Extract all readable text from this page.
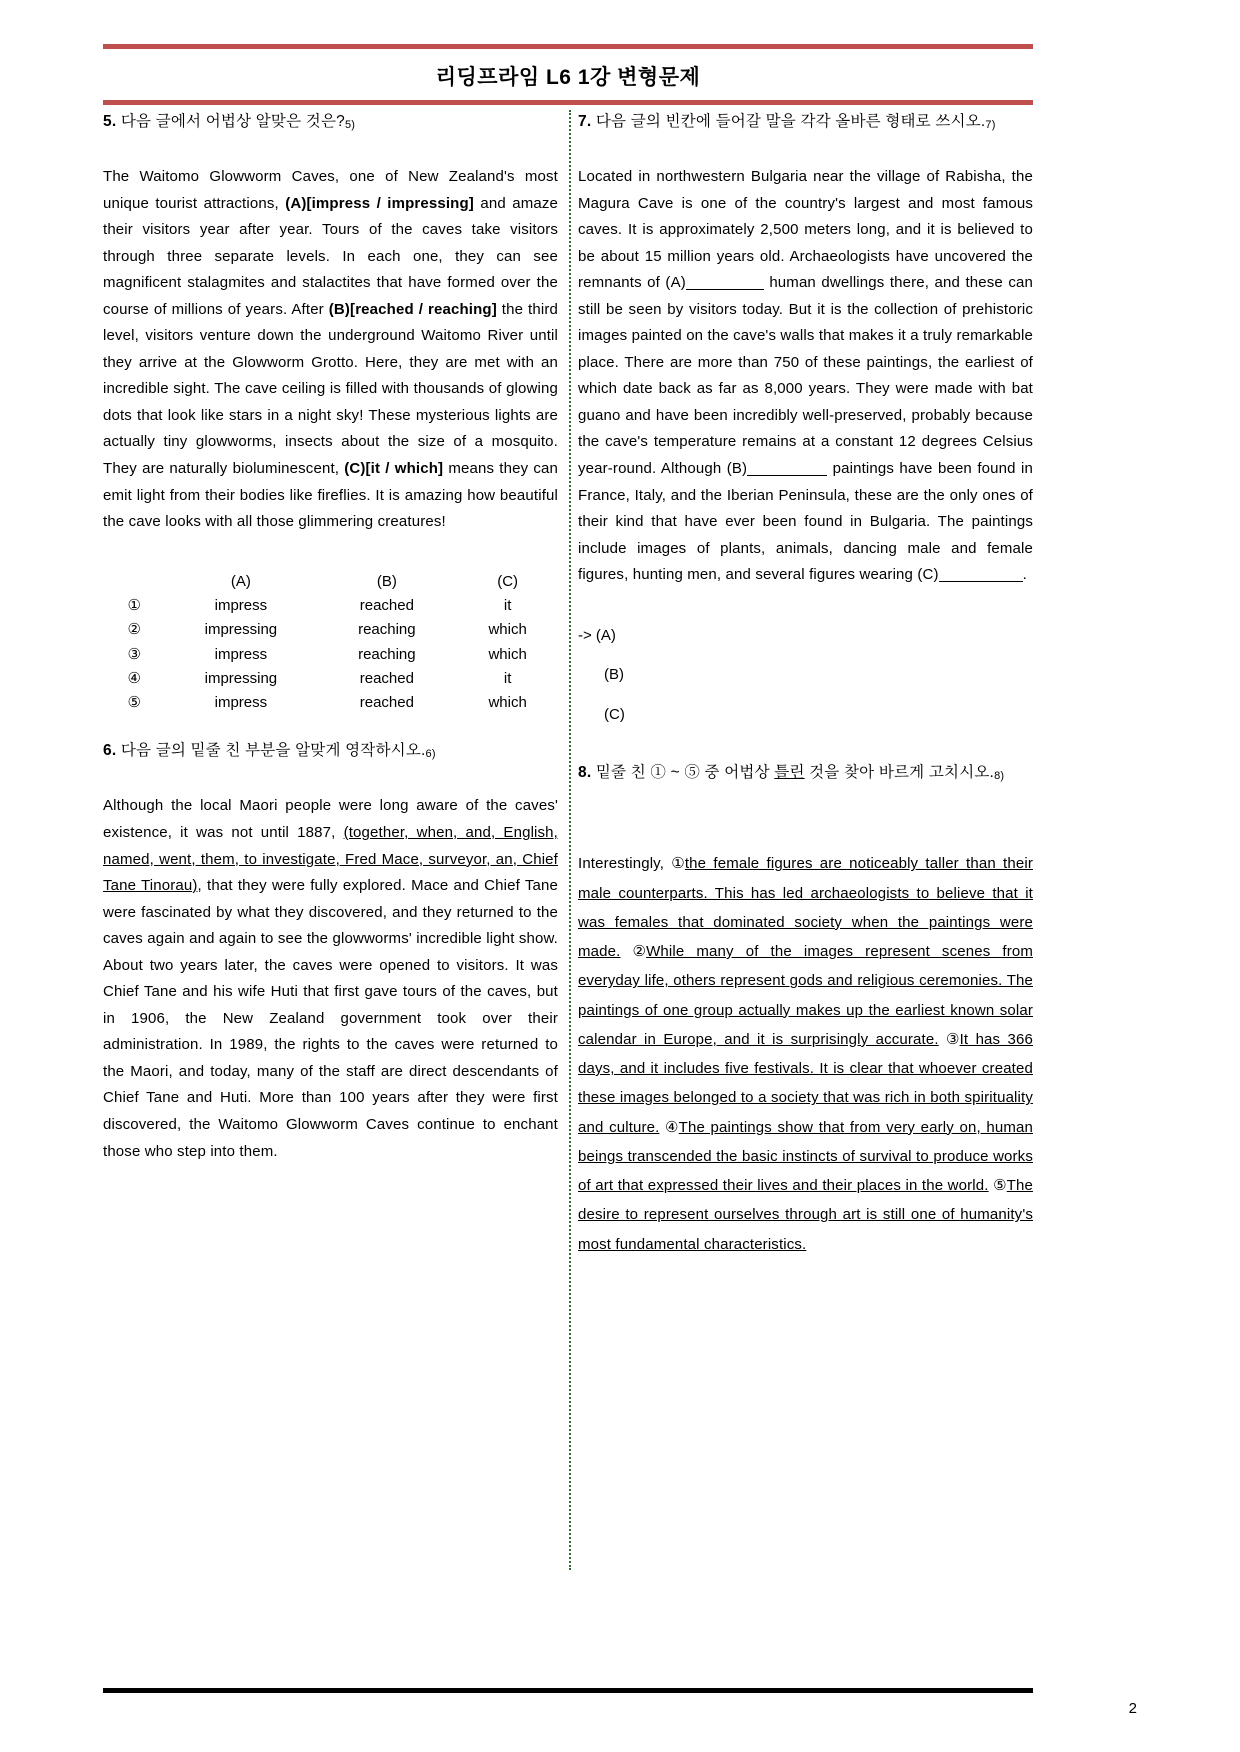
리딩프라임 L6 1강 변형문제

5. 다음 글에서 어법상 알맞은 것은?5)

The Waitomo Glowworm Caves, one of New Zealand's most unique tourist attractions, (A)[impress / impressing] and amaze their visitors year after year. Tours of the caves take visitors through three separate levels. In each one, they can see magnificent stalagmites and stalactites that have formed over the course of millions of years. After (B)[reached / reaching] the third level, visitors venture down the underground Waitomo River until they arrive at the Glowworm Grotto. Here, they are met with an incredible sight. The cave ceiling is filled with thousands of glowing dots that look like stars in a night sky! These mysterious lights are actually tiny glowworms, insects about the size of a mosquito. They are naturally bioluminescent, (C)[it / which] means they can emit light from their bodies like fireflies. It is amazing how beautiful the cave looks with all those glimmering creatures!

	(A)	(B)	(C)
①	impress	reached	it
②	impressing	reaching	which
③	impress	reaching	which
④	impressing	reached	it
⑤	impress	reached	which

6. 다음 글의 밑줄 친 부분을 알맞게 영작하시오.6)

Although the local Maori people were long aware of the caves' existence, it was not until 1887, (together, when, and, English, named, went, them, to investigate, Fred Mace, surveyor, an, Chief Tane Tinorau), that they were fully explored. Mace and Chief Tane were fascinated by what they discovered, and they returned to the caves again and again to see the glowworms' incredible light show. About two years later, the caves were opened to visitors. It was Chief Tane and his wife Huti that first gave tours of the caves, but in 1906, the New Zealand government took over their administration. In 1989, the rights to the caves were returned to the Maori, and today, many of the staff are direct descendants of Chief Tane and Huti. More than 100 years after they were first discovered, the Waitomo Glowworm Caves continue to enchant those who step into them.

7. 다음 글의 빈칸에 들어갈 말을 각각 올바른 형태로 쓰시오.7)

Located in northwestern Bulgaria near the village of Rabisha, the Magura Cave is one of the country's largest and most famous caves. It is approximately 2,500 meters long, and it is believed to be about 15 million years old. Archaeologists have uncovered the remnants of (A)	human dwellings there, and these can still be seen by visitors today. But it is the collection of prehistoric images painted on the cave's walls that makes it a truly remarkable place. There are more than 750 of these paintings, the earliest of which date back as far as 8,000 years. They were made with bat guano and have been incredibly well-preserved, probably because the cave's temperature remains at a constant 12 degrees Celsius year-round. Although (B)	paintings have been found in France, Italy, and the Iberian Peninsula, these are the only ones of their kind that have ever been found in Bulgaria. The paintings include images of plants, animals, dancing male and female figures, hunting men, and several figures wearing (C)	.

-> (A)

(B)

(C)

8. 밑줄 친 ① ~ ⑤ 중 어법상 틀린 것을 찾아 바르게 고치시오.8)

Interestingly, ①the female figures are noticeably taller than their male counterparts. This has led archaeologists to believe that it was females that dominated society when the paintings were made. ②While many of the images represent scenes from everyday life, others represent gods and religious ceremonies. The paintings of one group actually makes up the earliest known solar calendar in Europe, and it is surprisingly accurate. ③It has 366 days, and it includes five festivals. It is clear that whoever created these images belonged to a society that was rich in both spirituality and culture. ④The paintings show that from very early on, human beings transcended the basic instincts of survival to produce works of art that expressed their lives and their places in the world. ⑤The desire to represent ourselves through art is still one of humanity's most fundamental characteristics.

2
